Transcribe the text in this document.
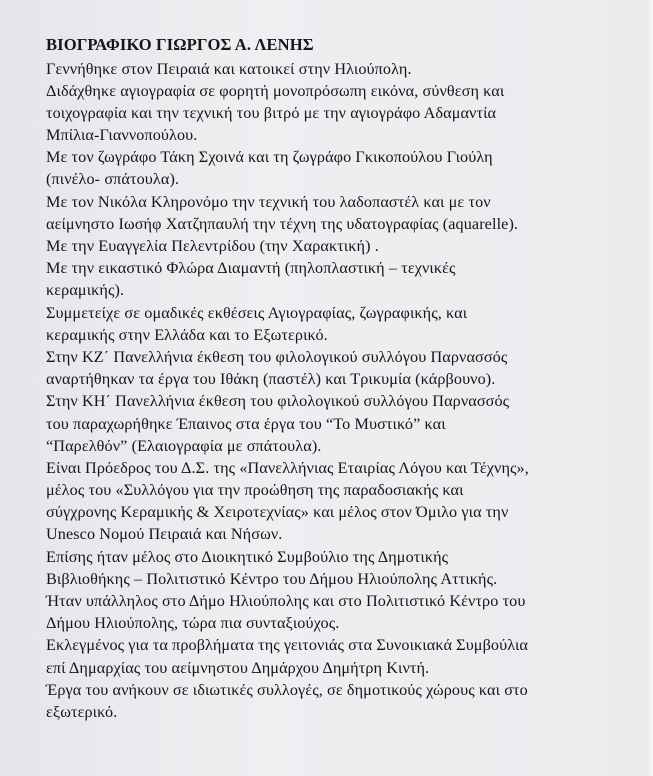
ΒΙΟΓΡΑΦΙΚΟ ΓΙΩΡΓΟΣ Α. ΛΕΝΗΣ
Γεννήθηκε στον Πειραιά και κατοικεί στην Ηλιούπολη.
Διδάχθηκε αγιογραφία σε φορητή μονοπρόσωπη εικόνα, σύνθεση και
τοιχογραφία και την τεχνική του βιτρό με την αγιογράφο Αδαμαντία
Μπίλια-Γιαννοπούλου.
Με τον ζωγράφο Τάκη Σχοινά και τη ζωγράφο Γκικοπούλου Γιούλη
(πινέλο- σπάτουλα).
Με τον Νικόλα Κληρονόμο την τεχνική του λαδοπαστέλ και με τον
αείμνηστο Ιωσήφ Χατζηπαυλή την τέχνη της υδατογραφίας (aquarelle).
Με την Ευαγγελία Πελεντρίδου (την Χαρακτική) .
Με την εικαστικό Φλώρα Διαμαντή (πηλοπλαστική – τεχνικές
κεραμικής).
Συμμετείχε σε ομαδικές εκθέσεις Αγιογραφίας, ζωγραφικής, και
κεραμικής στην Ελλάδα και το Εξωτερικό.
Στην ΚΖ΄ Πανελλήνια έκθεση του φιλολογικού συλλόγου Παρνασσός
αναρτήθηκαν τα έργα του Ιθάκη (παστέλ) και Τρικυμία (κάρβουνο).
Στην ΚΗ΄ Πανελλήνια έκθεση του φιλολογικού συλλόγου Παρνασσός
του παραχωρήθηκε Έπαινος στα έργα του “Το Μυστικό” και
“Παρελθόν” (Ελαιογραφία με σπάτουλα).
Είναι Πρόεδρος του Δ.Σ. της «Πανελλήνιας Εταιρίας Λόγου και Τέχνης»,
μέλος του «Συλλόγου για την προώθηση της παραδοσιακής και
σύγχρονης Κεραμικής & Χειροτεχνίας» και μέλος στον Όμιλο για την
Unesco Νομού Πειραιά και Νήσων.
Επίσης ήταν μέλος στο Διοικητικό Συμβούλιο της Δημοτικής
Βιβλιοθήκης – Πολιτιστικό Κέντρο του Δήμου Ηλιούπολης Αττικής.
Ήταν υπάλληλος στο Δήμο Ηλιούπολης και στο Πολιτιστικό Κέντρο του
Δήμου Ηλιούπολης, τώρα πια συνταξιούχος.
Εκλεγμένος για τα προβλήματα της γειτονιάς στα Συνοικιακά Συμβούλια
επί Δημαρχίας του αείμνηστου Δημάρχου Δημήτρη Κιντή.
Έργα του ανήκουν σε ιδιωτικές συλλογές, σε δημοτικούς χώρους και στο
εξωτερικό.
